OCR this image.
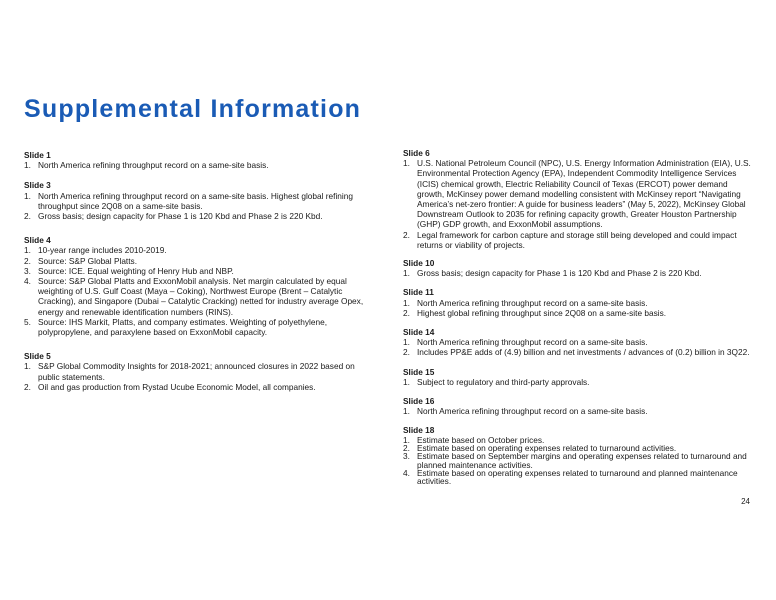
Supplemental Information
Slide 1
1. North America refining throughput record on a same-site basis.
Slide 3
1. North America refining throughput record on a same-site basis. Highest global refining throughput since 2Q08 on a same-site basis.
2. Gross basis; design capacity for Phase 1 is 120 Kbd and Phase 2 is 220 Kbd.
Slide 4
1. 10-year range includes 2010-2019.
2. Source: S&P Global Platts.
3. Source: ICE. Equal weighting of Henry Hub and NBP.
4. Source: S&P Global Platts and ExxonMobil analysis. Net margin calculated by equal weighting of U.S. Gulf Coast (Maya – Coking), Northwest Europe (Brent – Catalytic Cracking), and Singapore (Dubai – Catalytic Cracking) netted for industry average Opex, energy and renewable identification numbers (RINS).
5. Source: IHS Markit, Platts, and company estimates. Weighting of polyethylene, polypropylene, and paraxylene based on ExxonMobil capacity.
Slide 5
1. S&P Global Commodity Insights for 2018-2021; announced closures in 2022 based on public statements.
2. Oil and gas production from Rystad Ucube Economic Model, all companies.
Slide 6
1. U.S. National Petroleum Council (NPC), U.S. Energy Information Administration (EIA), U.S. Environmental Protection Agency (EPA), Independent Commodity Intelligence Services (ICIS) chemical growth, Electric Reliability Council of Texas (ERCOT) power demand growth, McKinsey power demand modelling consistent with McKinsey report “Navigating America’s net-zero frontier: A guide for business leaders” (May 5, 2022), McKinsey Global Downstream Outlook to 2035 for refining capacity growth, Greater Houston Partnership (GHP) GDP growth, and ExxonMobil assumptions.
2. Legal framework for carbon capture and storage still being developed and could impact returns or viability of projects.
Slide 10
1. Gross basis; design capacity for Phase 1 is 120 Kbd and Phase 2 is 220 Kbd.
Slide 11
1. North America refining throughput record on a same-site basis.
2. Highest global refining throughput since 2Q08 on a same-site basis.
Slide 14
1. North America refining throughput record on a same-site basis.
2. Includes PP&E adds of (4.9) billion and net investments / advances of (0.2) billion in 3Q22.
Slide 15
1. Subject to regulatory and third-party approvals.
Slide 16
1. North America refining throughput record on a same-site basis.
Slide 18
1. Estimate based on October prices.
2. Estimate based on operating expenses related to turnaround activities.
3. Estimate based on September margins and operating expenses related to turnaround and planned maintenance activities.
4. Estimate based on operating expenses related to turnaround and planned maintenance activities.
24
